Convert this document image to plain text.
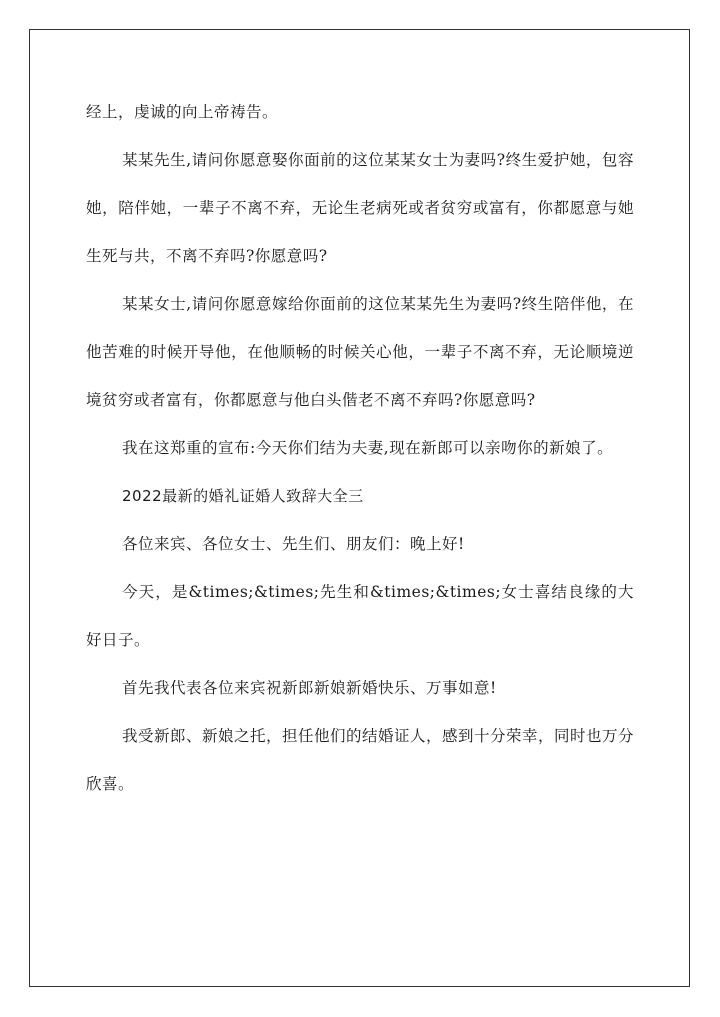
经上，虔诚的向上帝祷告。

某某先生,请问你愿意娶你面前的这位某某女士为妻吗?终生爱护她，包容她，陪伴她，一辈子不离不弃，无论生老病死或者贫穷或富有，你都愿意与她生死与共，不离不弃吗?你愿意吗?

某某女士,请问你愿意嫁给你面前的这位某某先生为妻吗?终生陪伴他，在他苦难的时候开导他，在他顺畅的时候关心他，一辈子不离不弃，无论顺境逆境贫穷或者富有，你都愿意与他白头偕老不离不弃吗?你愿意吗?

我在这郑重的宣布:今天你们结为夫妻,现在新郎可以亲吻你的新娘了。

2022最新的婚礼证婚人致辞大全三

各位来宾、各位女士、先生们、朋友们：晚上好!

今天，是&times;&times;先生和&times;&times;女士喜结良缘的大好日子。

首先我代表各位来宾祝新郎新娘新婚快乐、万事如意!

我受新郎、新娘之托，担任他们的结婚证人，感到十分荣幸，同时也万分欣喜。
